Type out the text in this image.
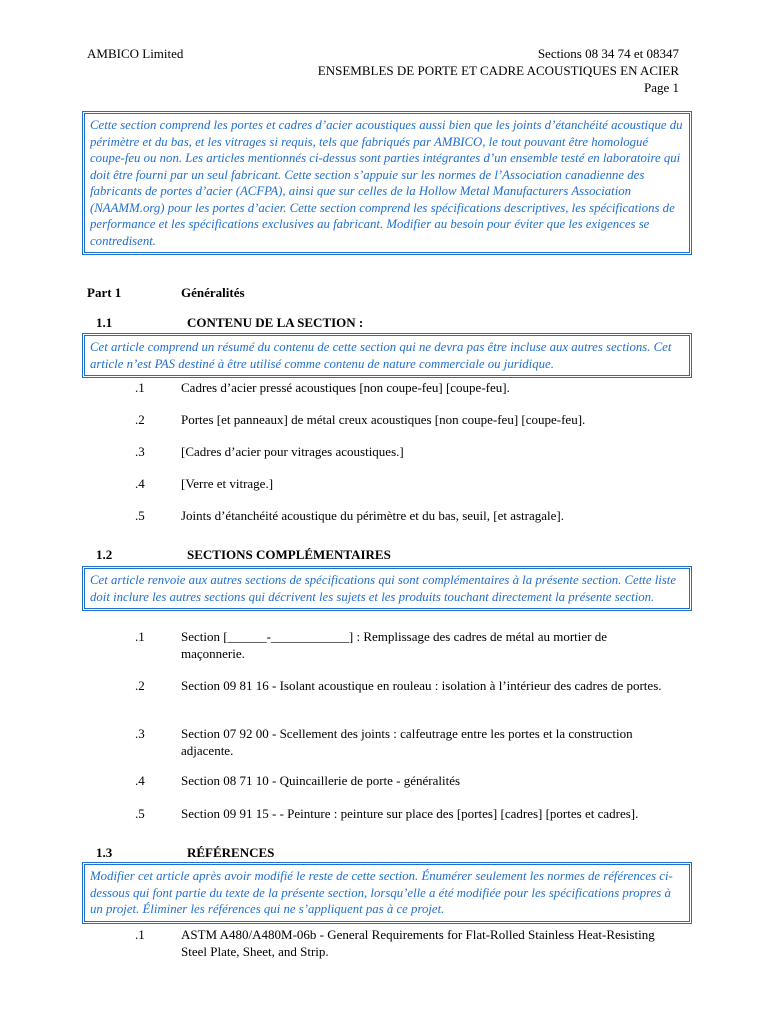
AMBICO Limited	Sections 08 34 74 et 08347
ENSEMBLES DE PORTE ET CADRE ACOUSTIQUES EN ACIER
Page 1
Cette section comprend les portes et cadres d’acier acoustiques aussi bien que les joints d’étanchéité acoustique du périmètre et du bas, et les vitrages si requis, tels que fabriqués par AMBICO, le tout pouvant être homologué coupe-feu ou non. Les articles mentionnés ci-dessus sont parties intégrantes d’un ensemble testé en laboratoire qui doit être fourni par un seul fabricant. Cette section s’appuie sur les normes de l’Association canadienne des fabricants de portes d’acier (ACFPA), ainsi que sur celles de la Hollow Metal Manufacturers Association (NAAMM.org) pour les portes d’acier. Cette section comprend les spécifications descriptives, les spécifications de performance et les spécifications exclusives au fabricant. Modifier au besoin pour éviter que les exigences se contredisent.
Part 1	Généralités
1.1	CONTENU DE LA SECTION :
Cet article comprend un résumé du contenu de cette section qui ne devra pas être incluse aux autres sections. Cet article n’est PAS destiné à être utilisé comme contenu de nature commerciale ou juridique.
.1	Cadres d’acier pressé acoustiques [non coupe-feu] [coupe-feu].
.2	Portes [et panneaux] de métal creux acoustiques [non coupe-feu] [coupe-feu].
.3	[Cadres d’acier pour vitrages acoustiques.]
.4	[Verre et vitrage.]
.5	Joints d’étanchéité acoustique du périmètre et du bas, seuil, [et astragale].
1.2	SECTIONS COMPLÉMENTAIRES
Cet article renvoie aux autres sections de spécifications qui sont complémentaires à la présente section. Cette liste doit inclure les autres sections qui décrivent les sujets et les produits touchant directement la présente section.
.1	Section [______-____________] : Remplissage des cadres de métal au mortier de maçonnerie.
.2	Section 09 81 16 - Isolant acoustique en rouleau : isolation à l’intérieur des cadres de portes.
.3	Section 07 92 00 - Scellement des joints : calfeutrage entre les portes et la construction adjacente.
.4	Section 08 71 10 - Quincaillerie de porte - généralités
.5	Section 09 91 15 - - Peinture : peinture sur place des [portes] [cadres] [portes et cadres].
1.3	RÉFÉRENCES
Modifier cet article après avoir modifié le reste de cette section. Énumérer seulement les normes de références ci-dessous qui font partie du texte de la présente section, lorsqu’elle a été modifiée pour les spécifications propres à un projet. Éliminer les références qui ne s’appliquent pas à ce projet.
.1	ASTM A480/A480M-06b - General Requirements for Flat-Rolled Stainless Heat-Resisting Steel Plate, Sheet, and Strip.
